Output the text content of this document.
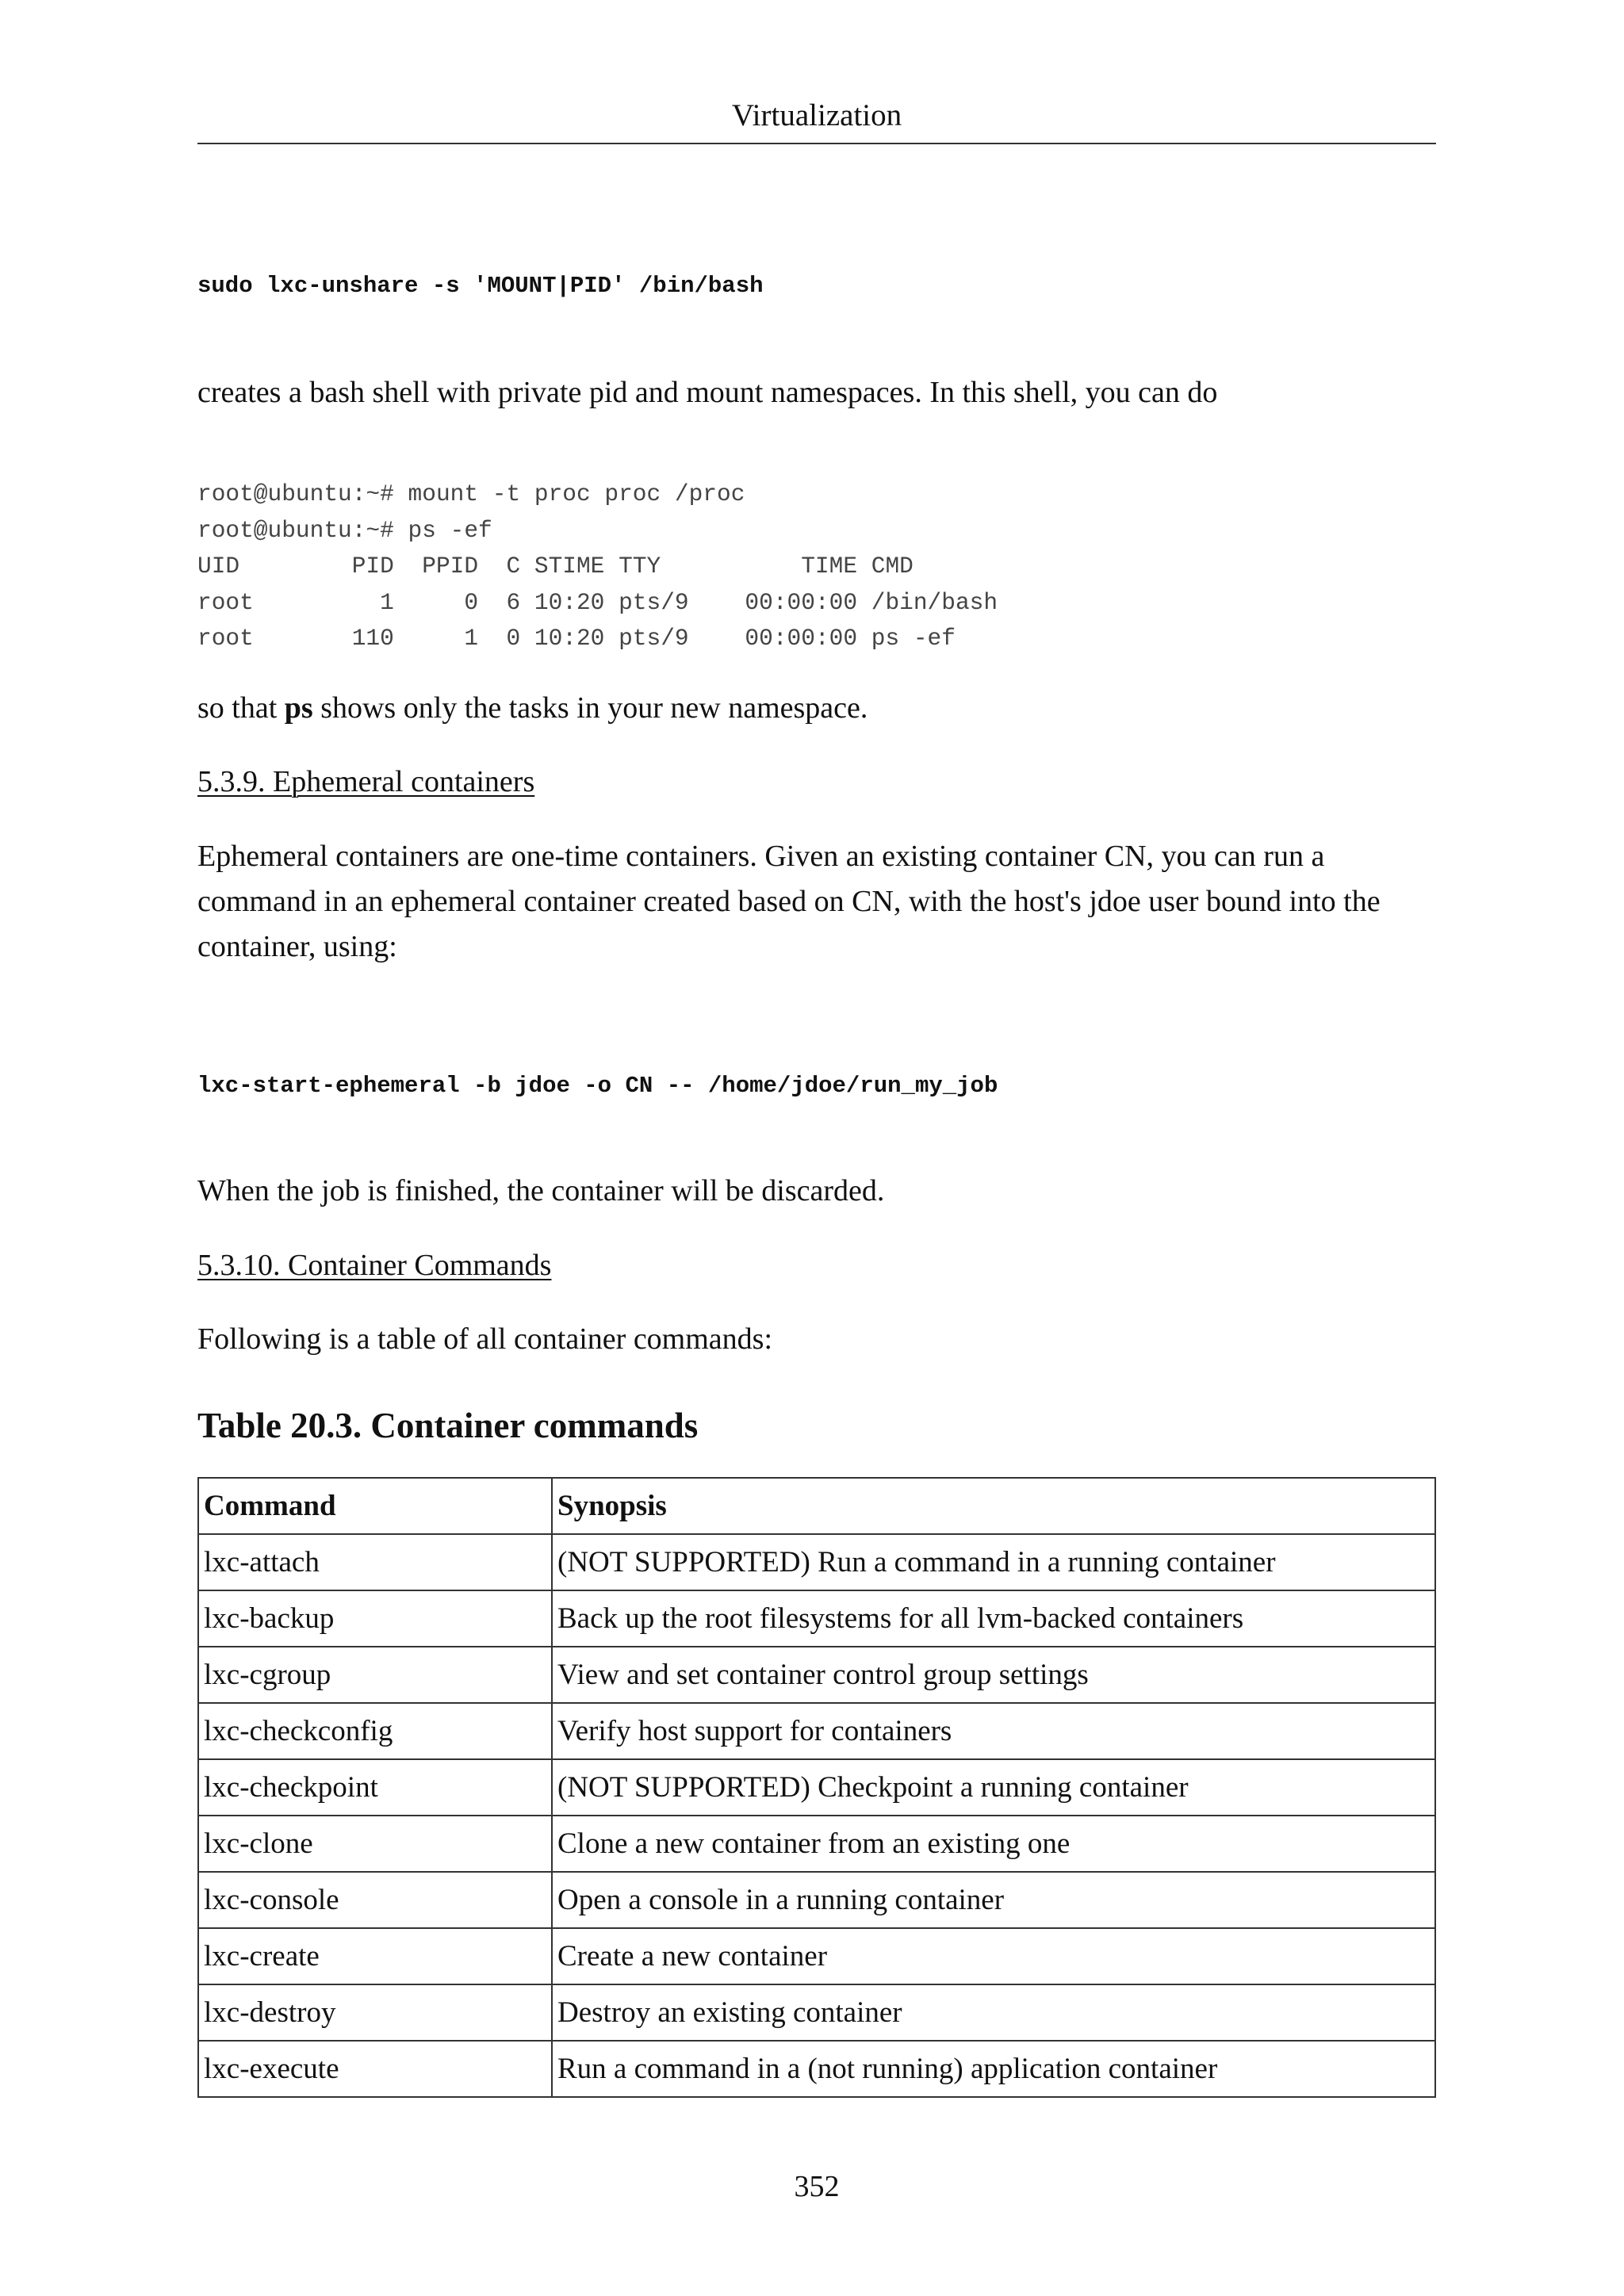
Virtualization
sudo lxc-unshare -s 'MOUNT|PID' /bin/bash

creates a bash shell with private pid and mount namespaces. In this shell, you can do

root@ubuntu:~# mount -t proc proc /proc
root@ubuntu:~# ps -ef
UID        PID  PPID  C STIME TTY          TIME CMD
root         1     0  6 10:20 pts/9    00:00:00 /bin/bash
root       110     1  0 10:20 pts/9    00:00:00 ps -ef

so that ps shows only the tasks in your new namespace.

5.3.9. Ephemeral containers

Ephemeral containers are one-time containers. Given an existing container CN, you can run a command in an ephemeral container created based on CN, with the host's jdoe user bound into the container, using:

lxc-start-ephemeral -b jdoe -o CN -- /home/jdoe/run_my_job

When the job is finished, the container will be discarded.

5.3.10. Container Commands

Following is a table of all container commands:

Table 20.3. Container commands
Command	Synopsis
lxc-attach	(NOT SUPPORTED) Run a command in a running container
lxc-backup	Back up the root filesystems for all lvm-backed containers
lxc-cgroup	View and set container control group settings
lxc-checkconfig	Verify host support for containers
lxc-checkpoint	(NOT SUPPORTED) Checkpoint a running container
lxc-clone	Clone a new container from an existing one
lxc-console	Open a console in a running container
lxc-create	Create a new container
lxc-destroy	Destroy an existing container
lxc-execute	Run a command in a (not running) application container
352
